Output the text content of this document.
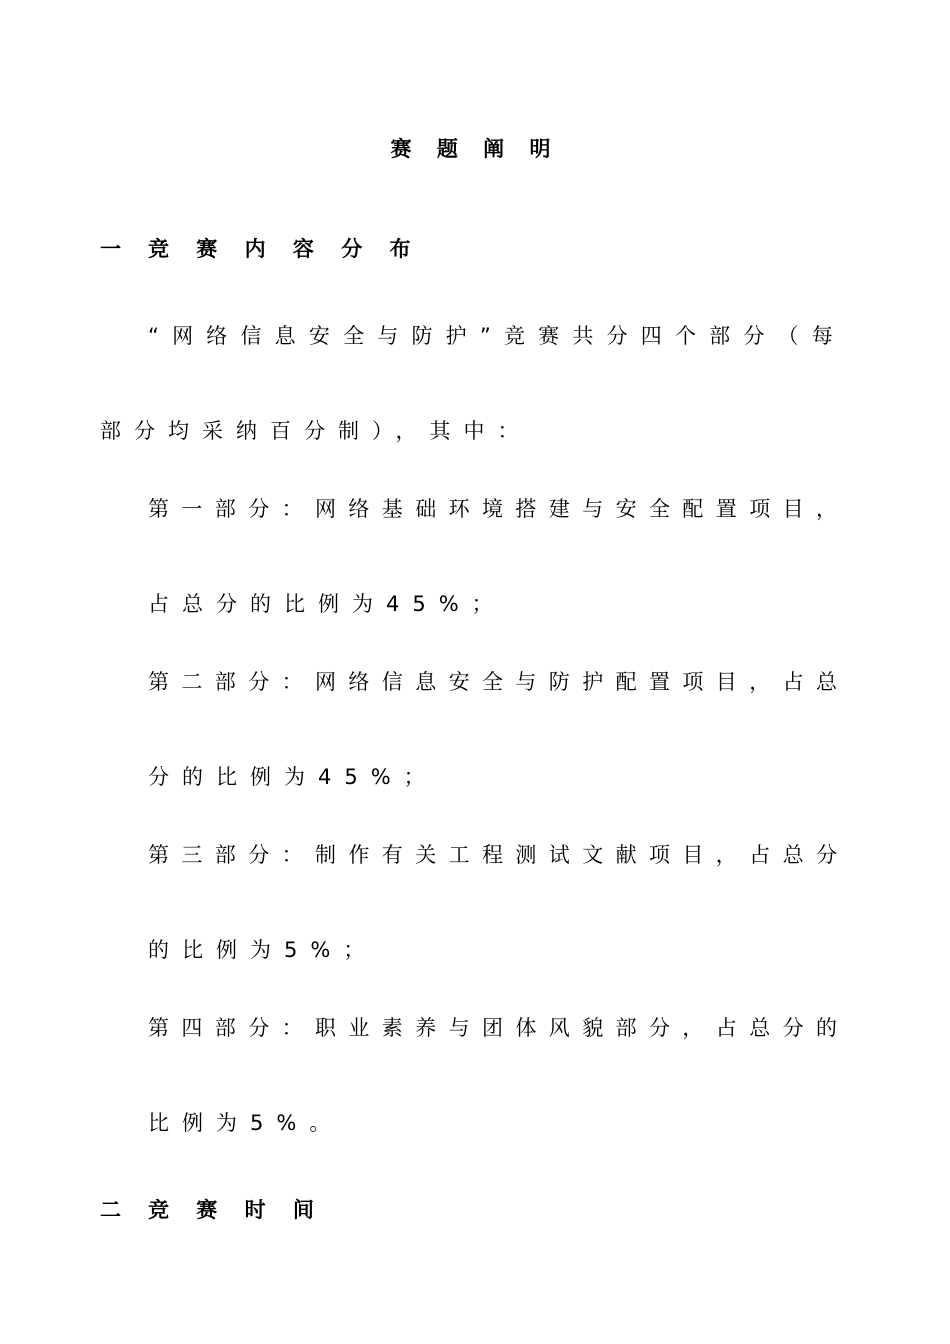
赛 题 阐 明
一 竞 赛 内 容 分 布
“网络信息安全与防护”竞赛共分四个部分（每
部分均采纳百分制），其中：
第一部分：网络基础环境搭建与安全配置项目，
占总分的比例为45%；
第二部分：网络信息安全与防护配置项目，占总
分的比例为45%；
第三部分：制作有关工程测试文献项目，占总分
的比例为5%；
第四部分：职业素养与团体风貌部分，占总分的
比例为5%。
二 竞 赛 时 间
